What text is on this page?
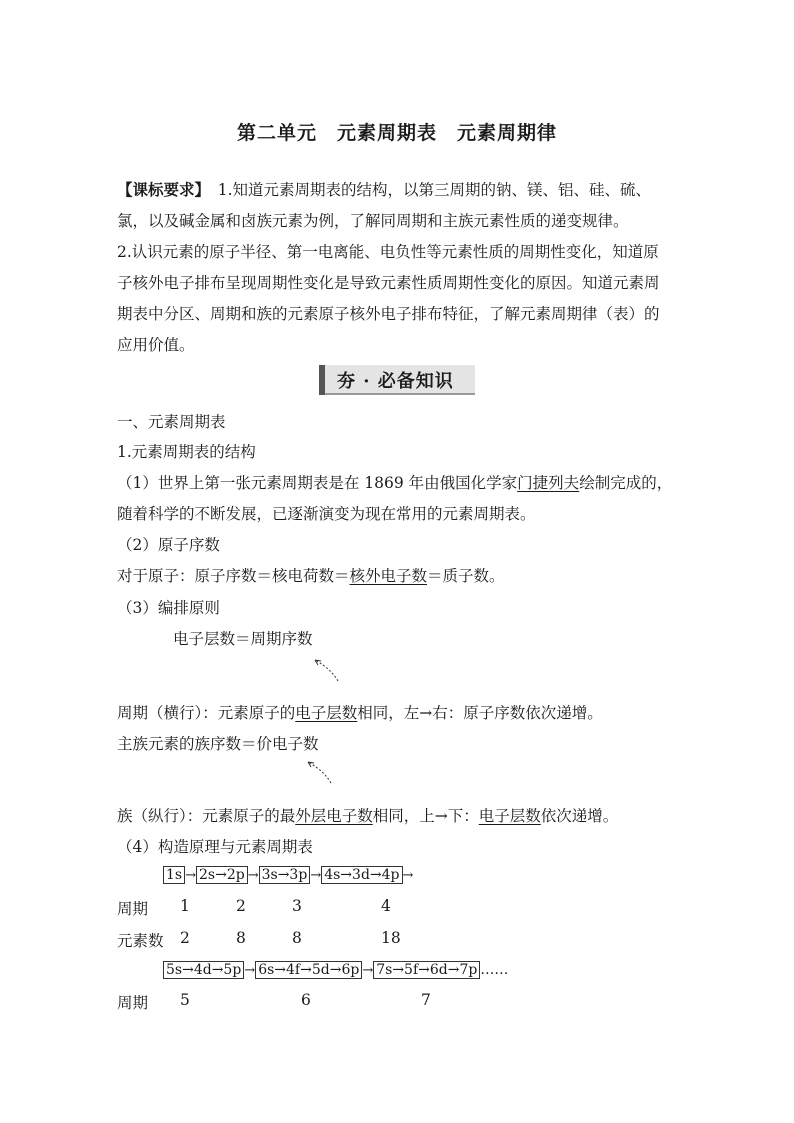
第二单元　元素周期表　元素周期律
【课标要求】　1.知道元素周期表的结构，以第三周期的钠、镁、铝、硅、硫、
氯，以及碱金属和卤族元素为例，了解同周期和主族元素性质的递变规律。
2.认识元素的原子半径、第一电离能、电负性等元素性质的周期性变化，知道原
子核外电子排布呈现周期性变化是导致元素性质周期性变化的原因。知道元素周
期表中分区、周期和族的元素原子核外电子排布特征，了解元素周期律（表）的
应用价值。
夯 · 必备知识
一、元素周期表
1.元素周期表的结构
（1）世界上第一张元素周期表是在 1869 年由俄国化学家门捷列夫绘制完成的，
随着科学的不断发展，已逐渐演变为现在常用的元素周期表。
（2）原子序数
对于原子：原子序数＝核电荷数＝核外电子数＝质子数。
（3）编排原则
电子层数＝周期序数
周期（横行）：元素原子的电子层数相同，左→右：原子序数依次递增。
主族元素的族序数＝价电子数
族（纵行）：元素原子的最外层电子数相同，上→下：电子层数依次递增。
（4）构造原理与元素周期表
1s → 2s→2p → 3s→3p → 4s→3d→4p →
周期 1	2	3	4
元素数 2	8	8	18
5s→4d→5p → 6s→4f→5d→6p → 7s→5f→6d→7p ……
周期 5	6	7
